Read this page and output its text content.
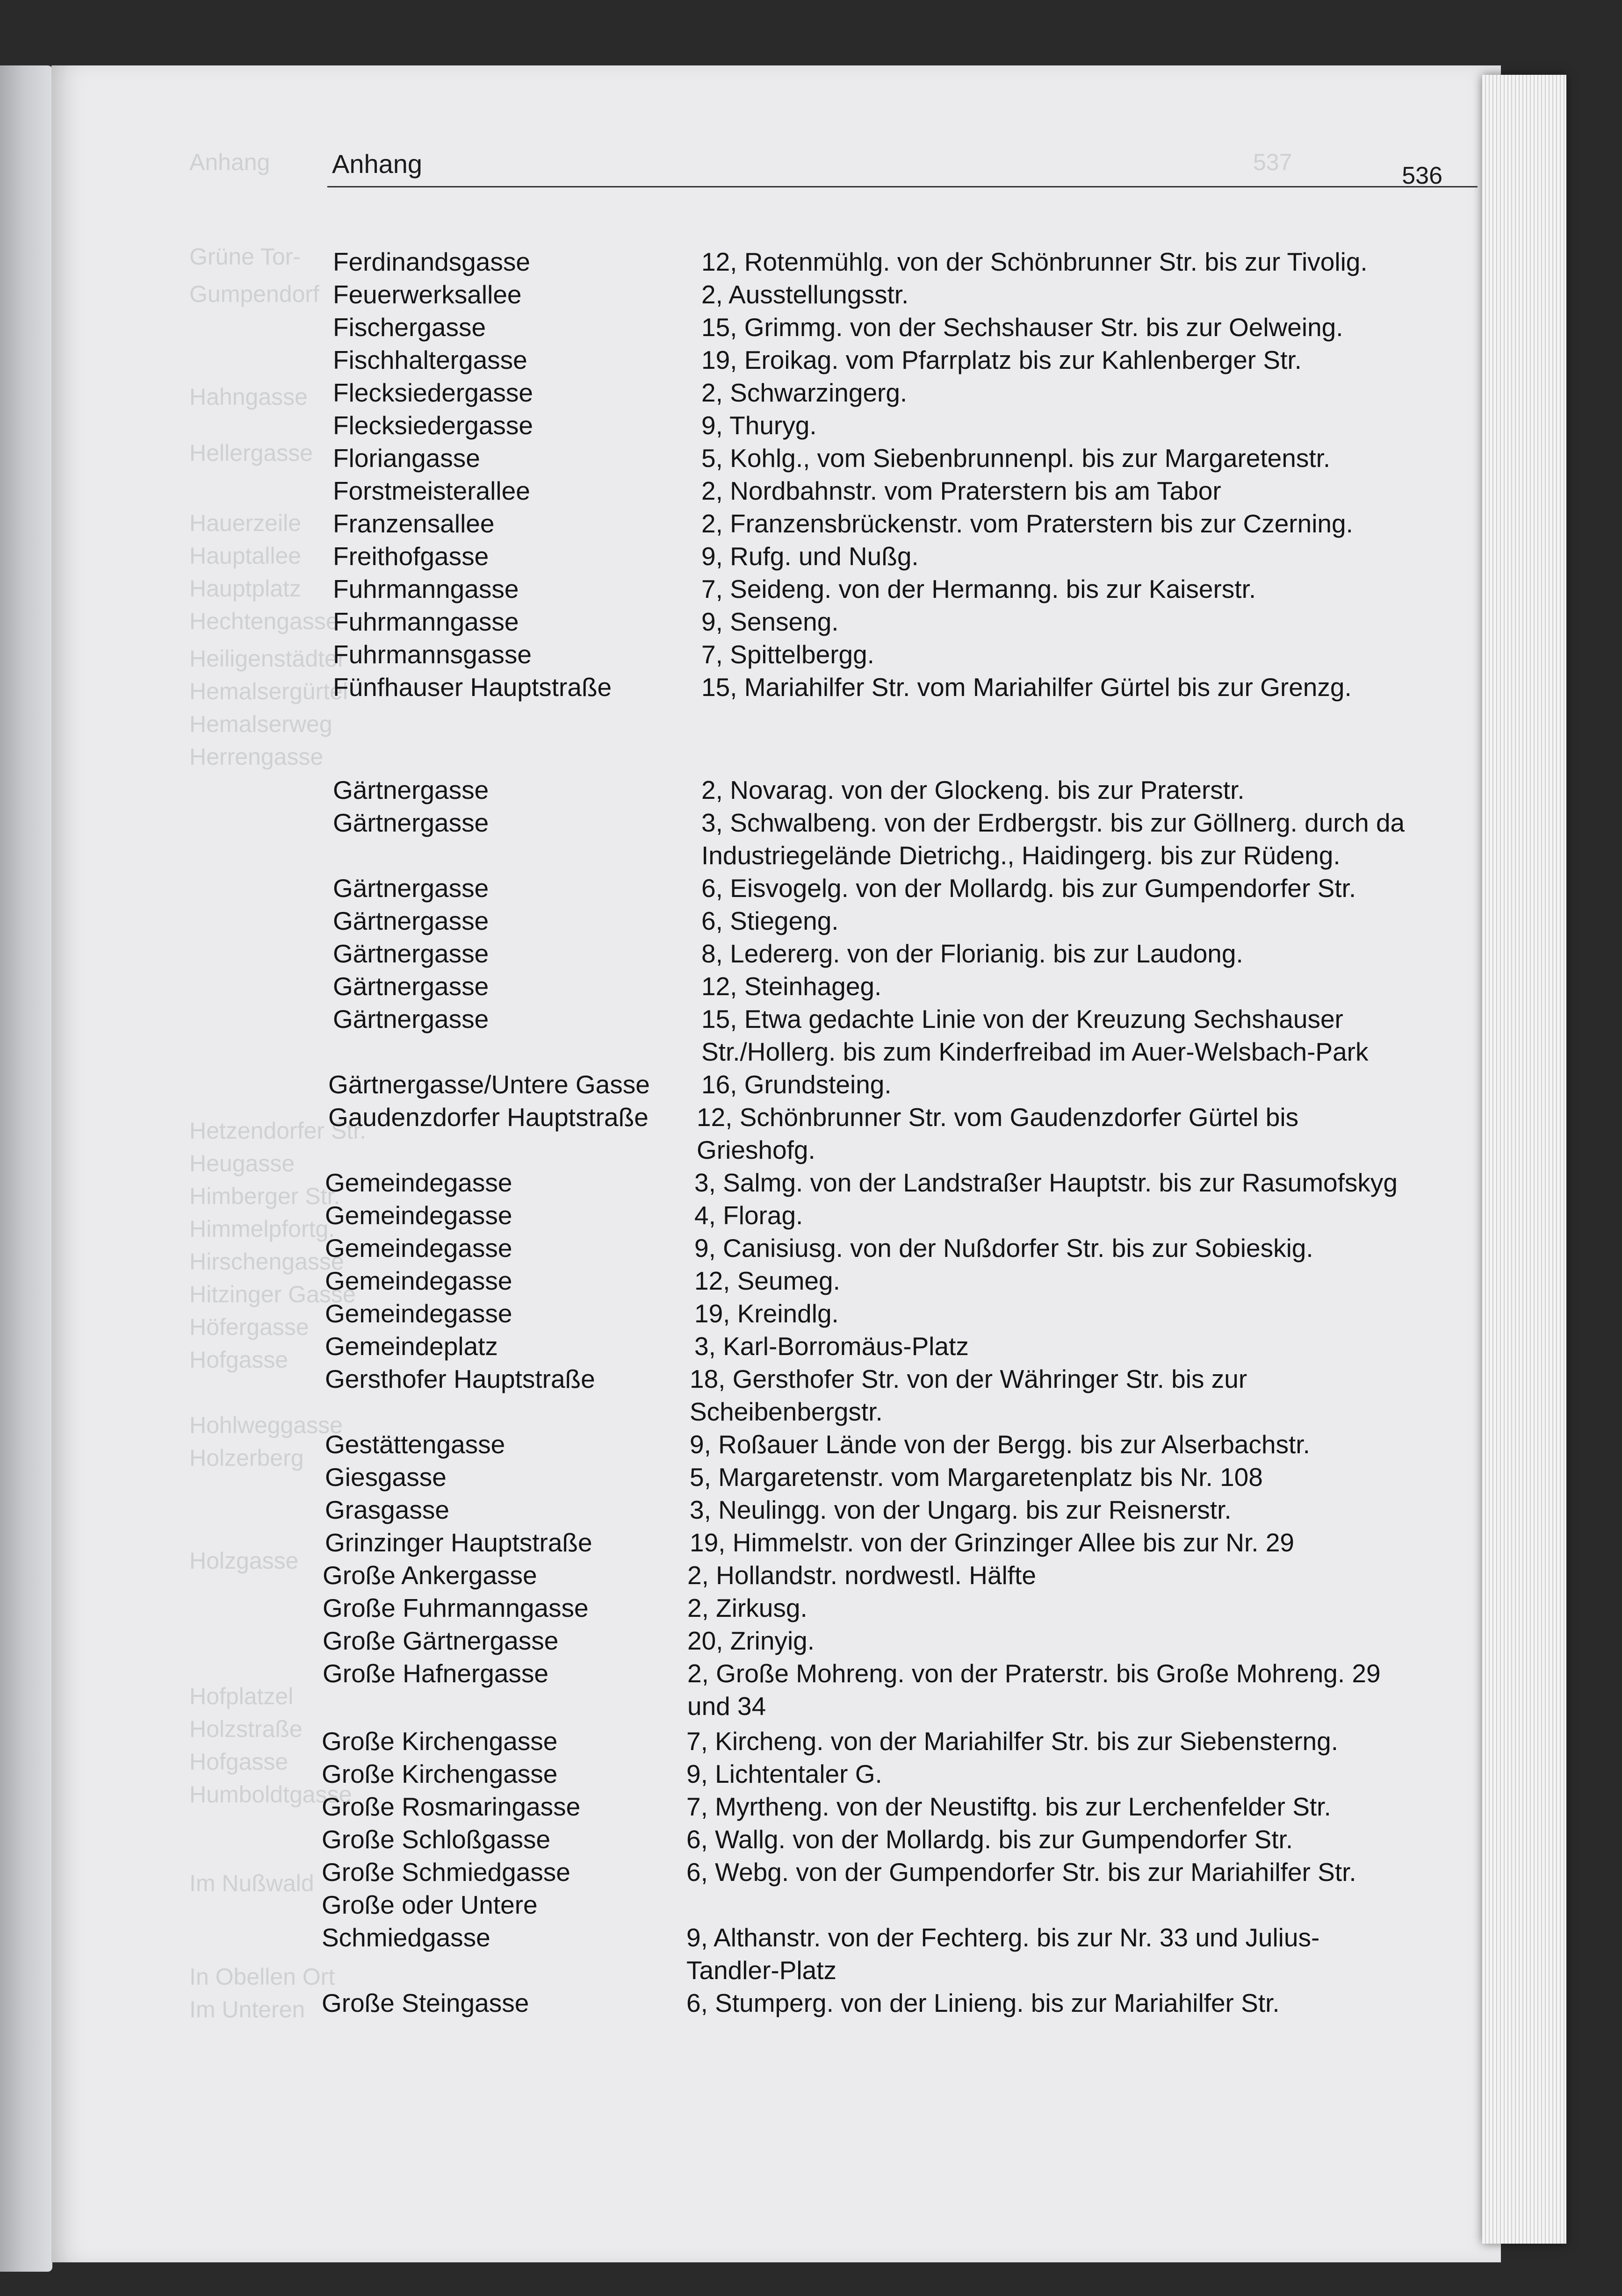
Anhang	537
Grüne Tor-
Gumpendorf
Hahngasse
Hellergasse
Hauerzeile
Hauptallee
Hauptplatz
Hechtengasse
Heiligenstädter
Hemalsergürtel
Hemalserweg
Herrengasse
Hetzendorfer Str.
Heugasse
Himberger Str.
Himmelpfortg.
Hirschengasse
Hitzinger Gasse
Höfergasse
Hofgasse
Hohlweggasse
Holzerberg
Holzgasse
Hofplatzel
Holzstraße
Hofgasse
Humboldtgasse
Im Nußwald
In Obellen Ort
Im Unteren
Anhang	536
Ferdinandsgasse	12, Rotenmühlg. von der Schönbrunner Str. bis zur Tivolig.
Feuerwerksallee	2, Ausstellungsstr.
Fischergasse	15, Grimmg. von der Sechshauser Str. bis zur Oelweing.
Fischhaltergasse	19, Eroikag. vom Pfarrplatz bis zur Kahlenberger Str.
Flecksiedergasse	2, Schwarzingerg.
Flecksiedergasse	9, Thuryg.
Floriangasse	5, Kohlg., vom Siebenbrunnenpl. bis zur Margaretenstr.
Forstmeisterallee	2, Nordbahnstr. vom Praterstern bis am Tabor
Franzensallee	2, Franzensbrückenstr. vom Praterstern bis zur Czerning.
Freithofgasse	9, Rufg. und Nußg.
Fuhrmanngasse	7, Seideng. von der Hermanng. bis zur Kaiserstr.
Fuhrmanngasse	9, Senseng.
Fuhrmannsgasse	7, Spittelbergg.
Fünfhauser Hauptstraße	15, Mariahilfer Str. vom Mariahilfer Gürtel bis zur Grenzg.
Gärtnergasse	2, Novarag. von der Glockeng. bis zur Praterstr.
Gärtnergasse	3, Schwalbeng. von der Erdbergstr. bis zur Göllnerg. durch da
Industriegelände Dietrichg., Haidingerg. bis zur Rüdeng.
Gärtnergasse	6, Eisvogelg. von der Mollardg. bis zur Gumpendorfer Str.
Gärtnergasse	6, Stiegeng.
Gärtnergasse	8, Ledererg. von der Florianig. bis zur Laudong.
Gärtnergasse	12, Steinhageg.
Gärtnergasse	15, Etwa gedachte Linie von der Kreuzung Sechshauser
Str./Hollerg. bis zum Kinderfreibad im Auer-Welsbach-Park
Gärtnergasse/Untere Gasse 16, Grundsteing.
Gaudenzdorfer Hauptstraße 12, Schönbrunner Str. vom Gaudenzdorfer Gürtel bis
Grieshofg.
Gemeindegasse	3, Salmg. von der Landstraßer Hauptstr. bis zur Rasumofskyg
Gemeindegasse	4, Florag.
Gemeindegasse	9, Canisiusg. von der Nußdorfer Str. bis zur Sobieskig.
Gemeindegasse	12, Seumeg.
Gemeindegasse	19, Kreindlg.
Gemeindeplatz	3, Karl-Borromäus-Platz
Gersthofer Hauptstraße	18, Gersthofer Str. von der Währinger Str. bis zur
Scheibenbergstr.
Gestättengasse	9, Roßauer Lände von der Bergg. bis zur Alserbachstr.
Giesgasse	5, Margaretenstr. vom Margaretenplatz bis Nr. 108
Grasgasse	3, Neulingg. von der Ungarg. bis zur Reisnerstr.
Grinzinger Hauptstraße	19, Himmelstr. von der Grinzinger Allee bis zur Nr. 29
Große Ankergasse	2, Hollandstr. nordwestl. Hälfte
Große Fuhrmanngasse	2, Zirkusg.
Große Gärtnergasse	20, Zrinyig.
Große Hafnergasse	2, Große Mohreng. von der Praterstr. bis Große Mohreng. 29
und 34
Große Kirchengasse	7, Kircheng. von der Mariahilfer Str. bis zur Siebensterng.
Große Kirchengasse	9, Lichtentaler G.
Große Rosmaringasse	7, Myrtheng. von der Neustiftg. bis zur Lerchenfelder Str.
Große Schloßgasse	6, Wallg. von der Mollardg. bis zur Gumpendorfer Str.
Große Schmiedgasse	6, Webg. von der Gumpendorfer Str. bis zur Mariahilfer Str.
Große oder Untere
Schmiedgasse	9, Althanstr. von der Fechterg. bis zur Nr. 33 und Julius-
Tandler-Platz
Große Steingasse	6, Stumperg. von der Linieng. bis zur Mariahilfer Str.
